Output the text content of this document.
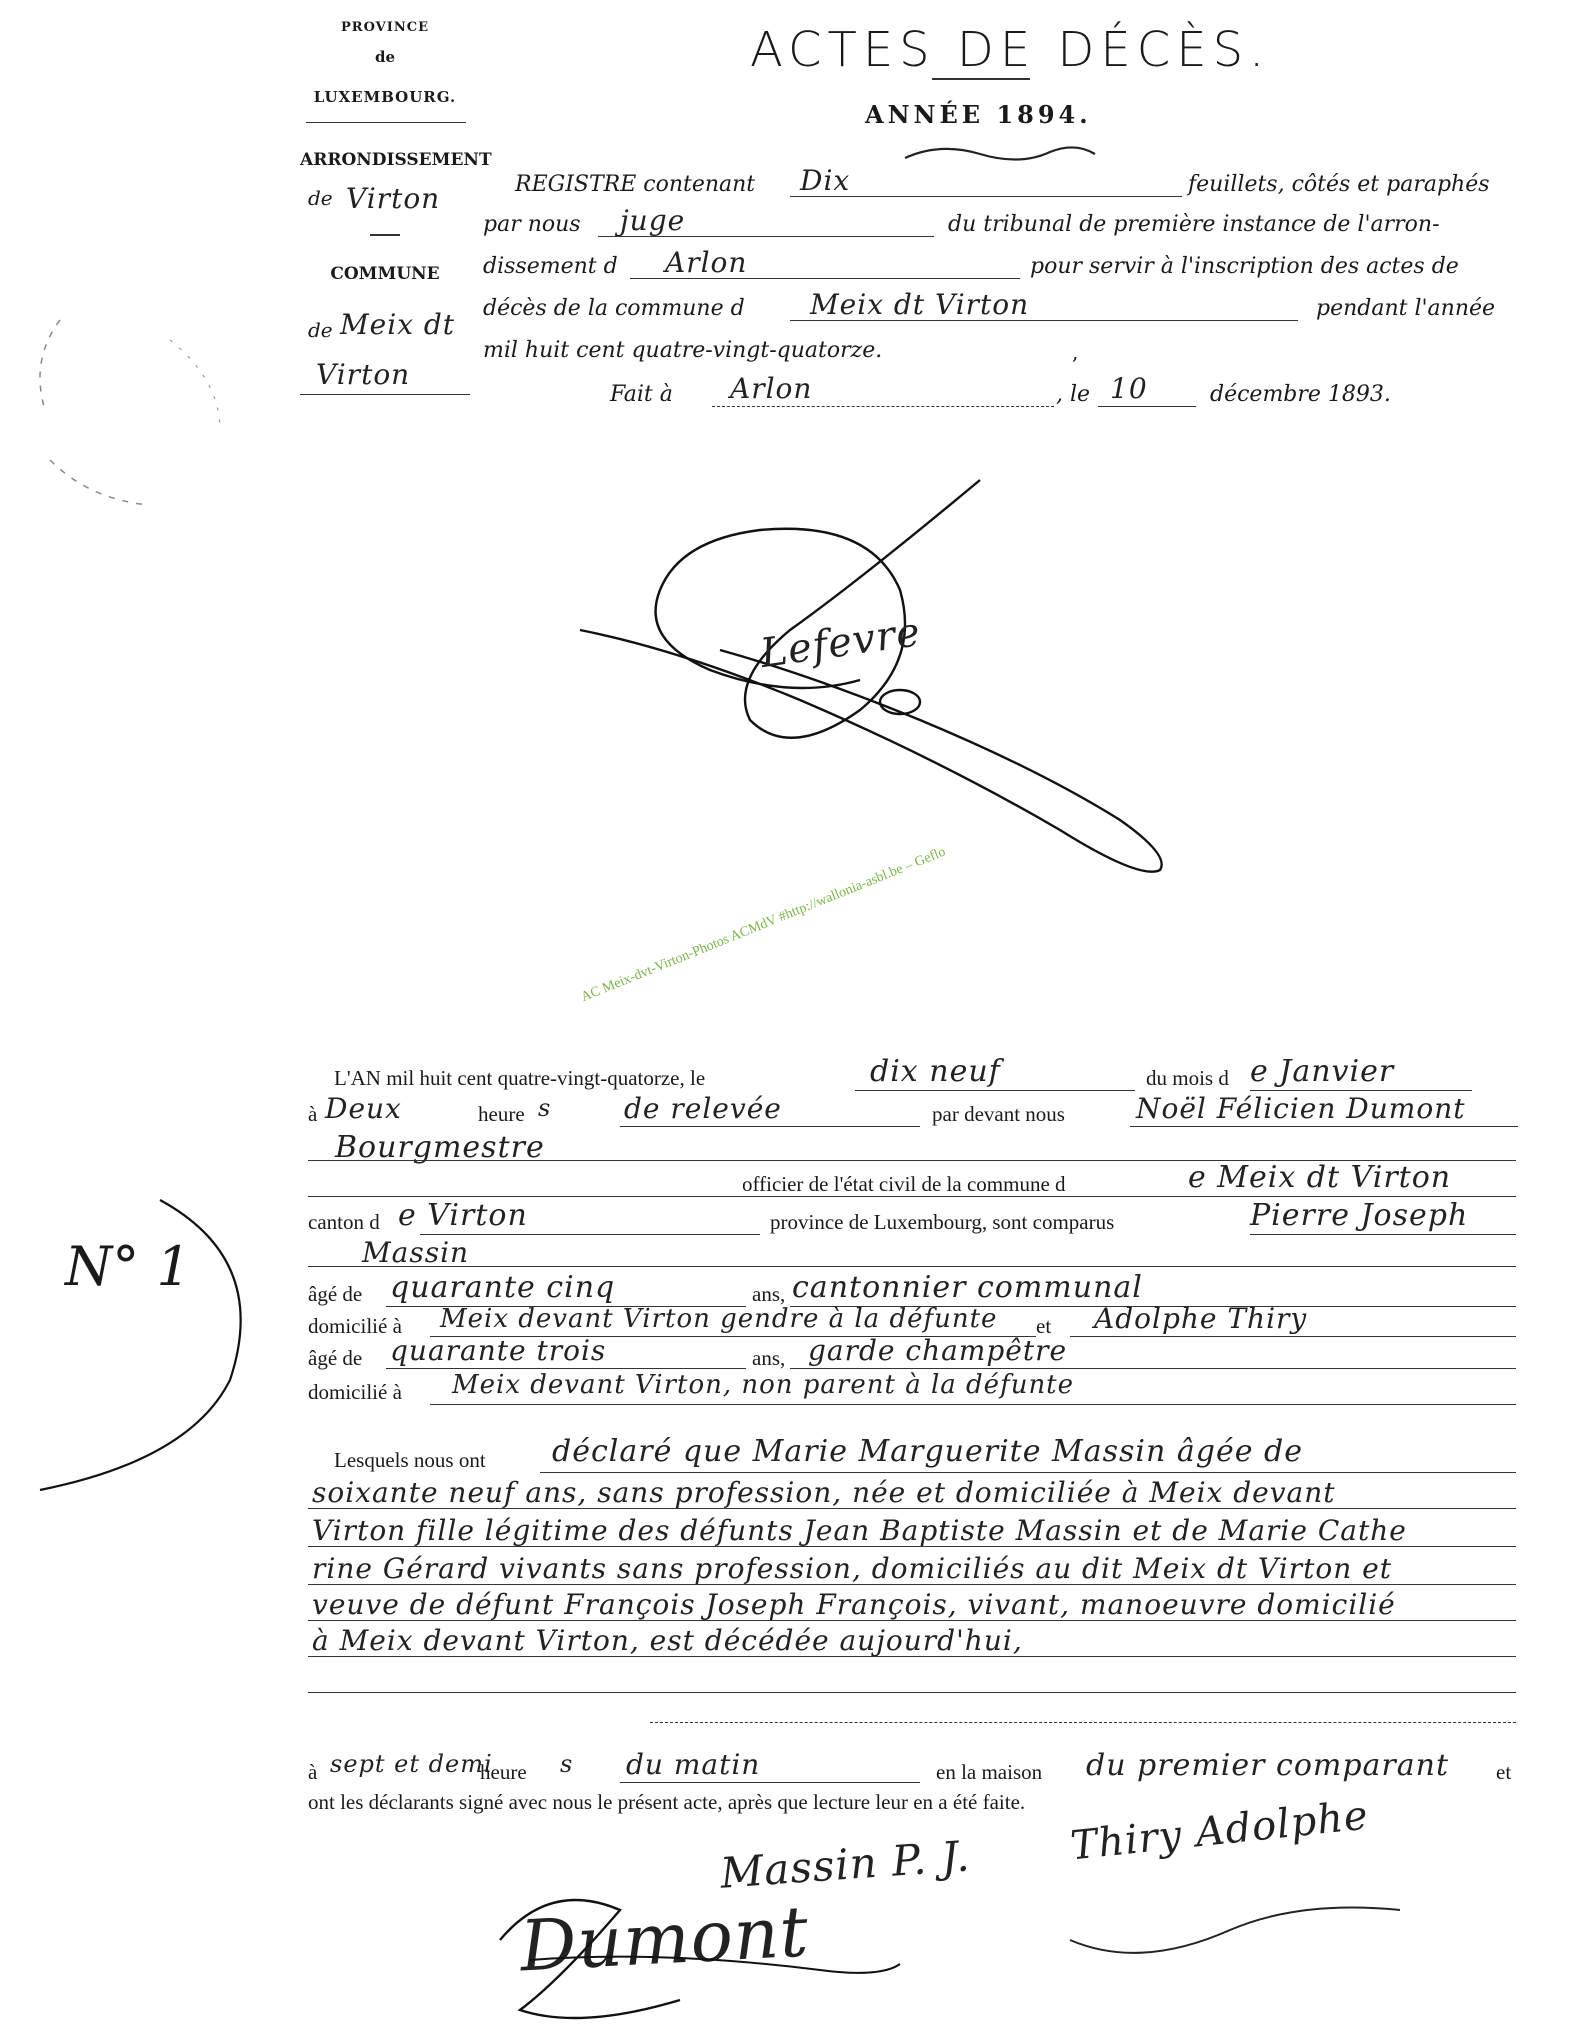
PROVINCE
de
LUXEMBOURG.
ARRONDISSEMENT
de Virton
COMMUNE
de Meix dt
Virton
ACTES DE DÉCÈS.
ANNÉE 1894.
REGISTRE contenant Dix	feuillets, côtés et paraphés
par nous juge	du tribunal de première instance de l'arron-
dissement d Arlon	pour servir à l'inscription des actes de
décès de la commune d Meix dt Virton	pendant l'année
mil huit cent quatre-vingt-quatorze.	,
Fait à Arlon	, le 10	décembre 1893.
Lefevre
AC Meix-dvt-Virton-Photos ACMdV #http://wallonia-asbl.be – Geflo
N° 1
L'AN mil huit cent quatre-vingt-quatorze, le	dix neuf	du mois d e Janvier
à Deux	heure s	de relevée	par devant nous	Noël Félicien Dumont
Bourgmestre
officier de l'état civil de la commune d	e Meix dt Virton
canton d e Virton	province de Luxembourg, sont comparus	Pierre Joseph
Massin
âgé de quarante cinq	ans, cantonnier communal
domicilié à Meix devant Virton gendre à la défunte et Adolphe Thiry
âgé de quarante trois	ans, garde champêtre
domicilié à Meix devant Virton, non parent à la défunte
Lesquels nous ont déclaré que Marie Marguerite Massin âgée de
soixante neuf ans, sans profession, née et domiciliée à Meix devant
Virton fille légitime des défunts Jean Baptiste Massin et de Marie Cathe
rine Gérard vivants sans profession, domiciliés au dit Meix dt Virton et
veuve de défunt François Joseph François, vivant, manoeuvre domicilié
à Meix devant Virton, est décédée aujourd'hui,
à sept et demi
heure s du matin	en la maison du premier comparant et
ont les déclarants signé avec nous le présent acte, après que lecture leur en a été faite.
Massin P. J. Thiry Adolphe
Dumont
